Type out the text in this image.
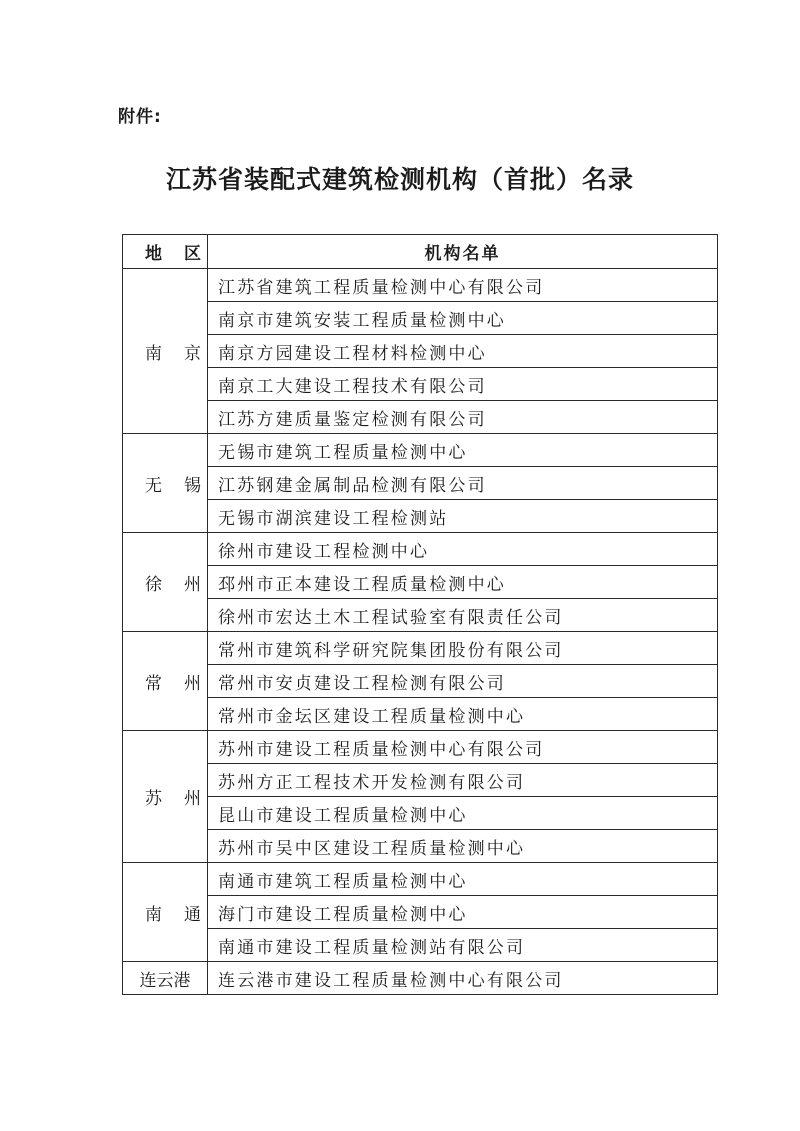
附件:
江苏省装配式建筑检测机构（首批）名录
地区	机构名单
南京	江苏省建筑工程质量检测中心有限公司
	南京市建筑安装工程质量检测中心
	南京方园建设工程材料检测中心
	南京工大建设工程技术有限公司
	江苏方建质量鉴定检测有限公司
无锡	无锡市建筑工程质量检测中心
	江苏钢建金属制品检测有限公司
	无锡市湖滨建设工程检测站
徐州	徐州市建设工程检测中心
	邳州市正本建设工程质量检测中心
	徐州市宏达土木工程试验室有限责任公司
常州	常州市建筑科学研究院集团股份有限公司
	常州市安贞建设工程检测有限公司
	常州市金坛区建设工程质量检测中心
苏州	苏州市建设工程质量检测中心有限公司
	苏州方正工程技术开发检测有限公司
	昆山市建设工程质量检测中心
	苏州市吴中区建设工程质量检测中心
南通	南通市建筑工程质量检测中心
	海门市建设工程质量检测中心
	南通市建设工程质量检测站有限公司
连云港	连云港市建设工程质量检测中心有限公司
